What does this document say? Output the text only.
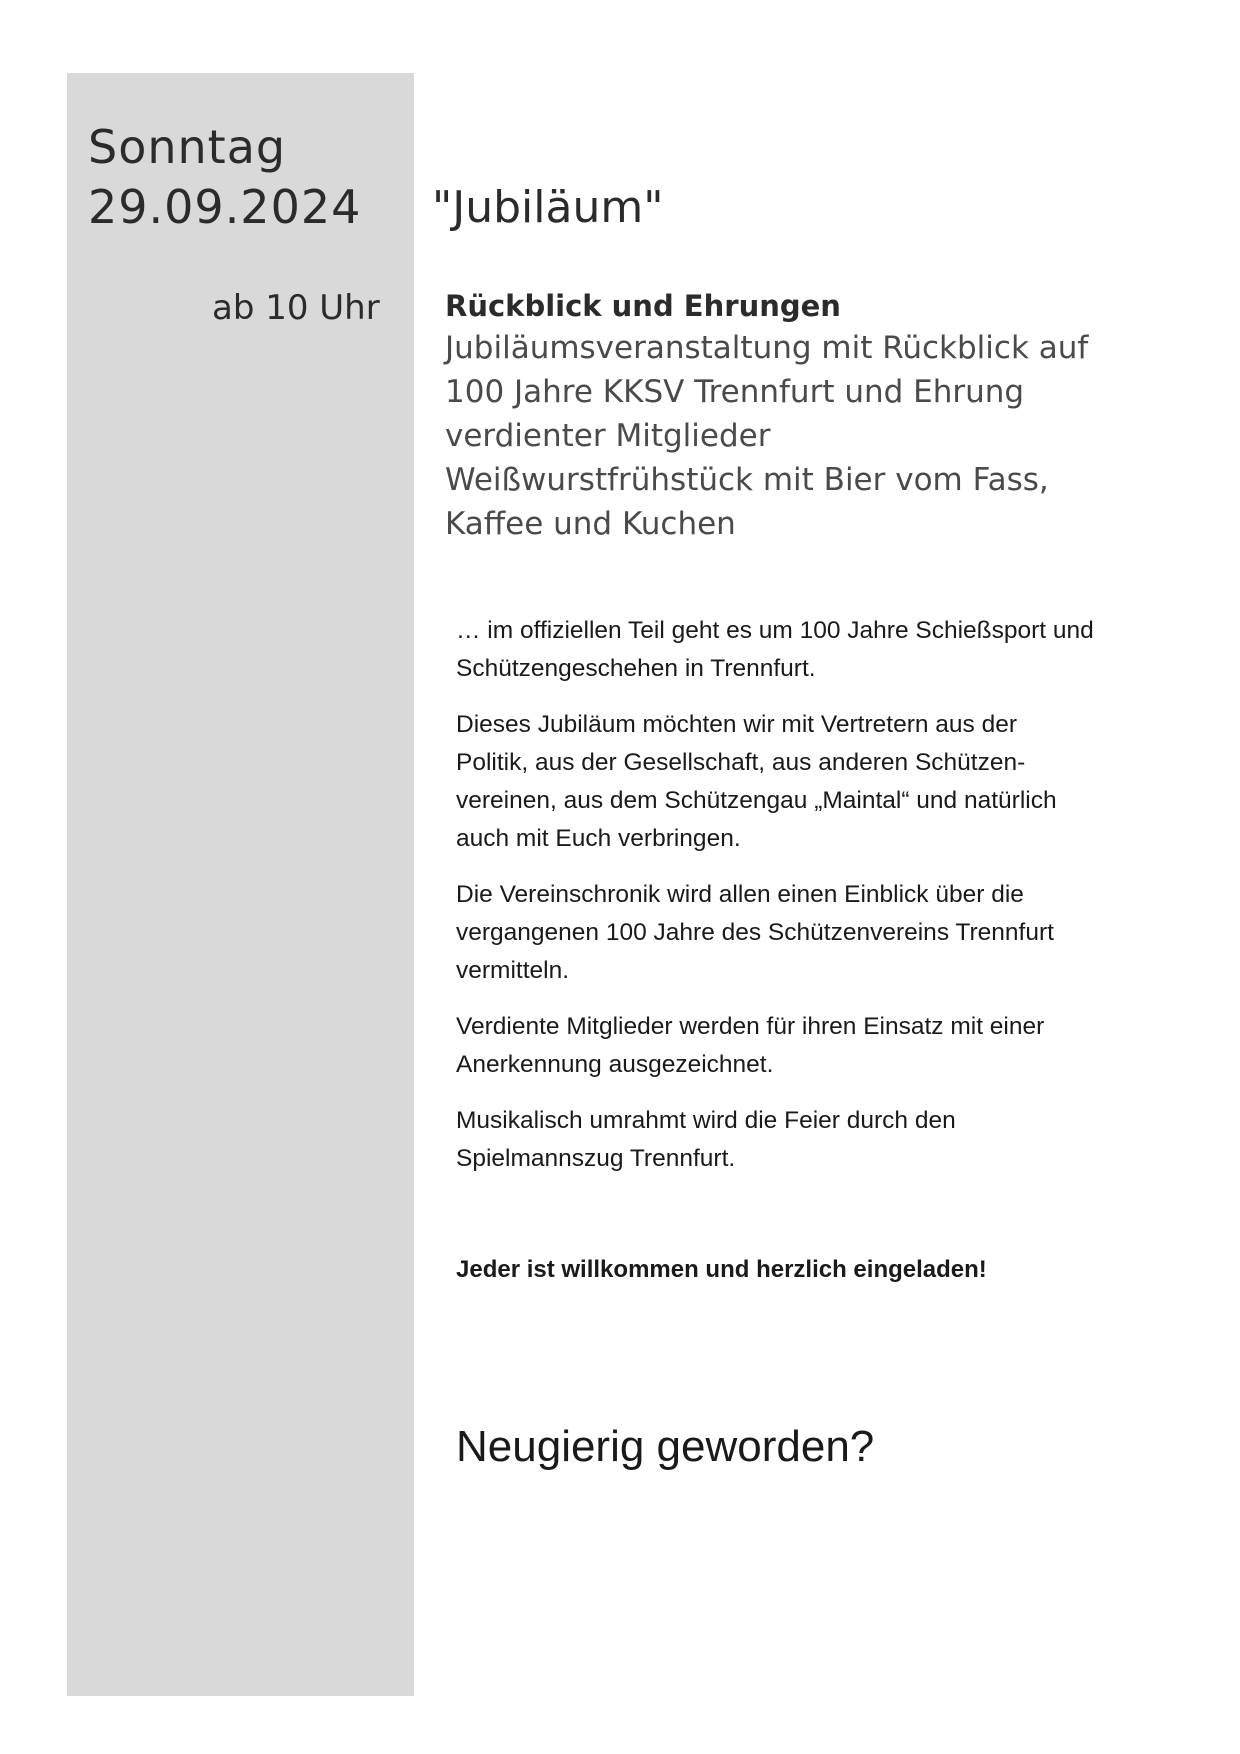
Sonntag
29.09.2024
ab 10 Uhr
"Jubiläum"
Rückblick und Ehrungen
Jubiläumsveranstaltung mit Rückblick auf
100 Jahre KKSV Trennfurt und Ehrung
verdienter Mitglieder
Weißwurstfrühstück mit Bier vom Fass,
Kaffee und Kuchen

… im offiziellen Teil geht es um 100 Jahre Schießsport und
Schützengeschehen in Trennfurt.

Dieses Jubiläum möchten wir mit Vertretern aus der
Politik, aus der Gesellschaft, aus anderen Schützen-
vereinen, aus dem Schützengau „Maintal“ und natürlich
auch mit Euch verbringen.

Die Vereinschronik wird allen einen Einblick über die
vergangenen 100 Jahre des Schützenvereins Trennfurt
vermitteln.

Verdiente Mitglieder werden für ihren Einsatz mit einer
Anerkennung ausgezeichnet.

Musikalisch umrahmt wird die Feier durch den
Spielmannszug Trennfurt.

Jeder ist willkommen und herzlich eingeladen!
Neugierig geworden?
